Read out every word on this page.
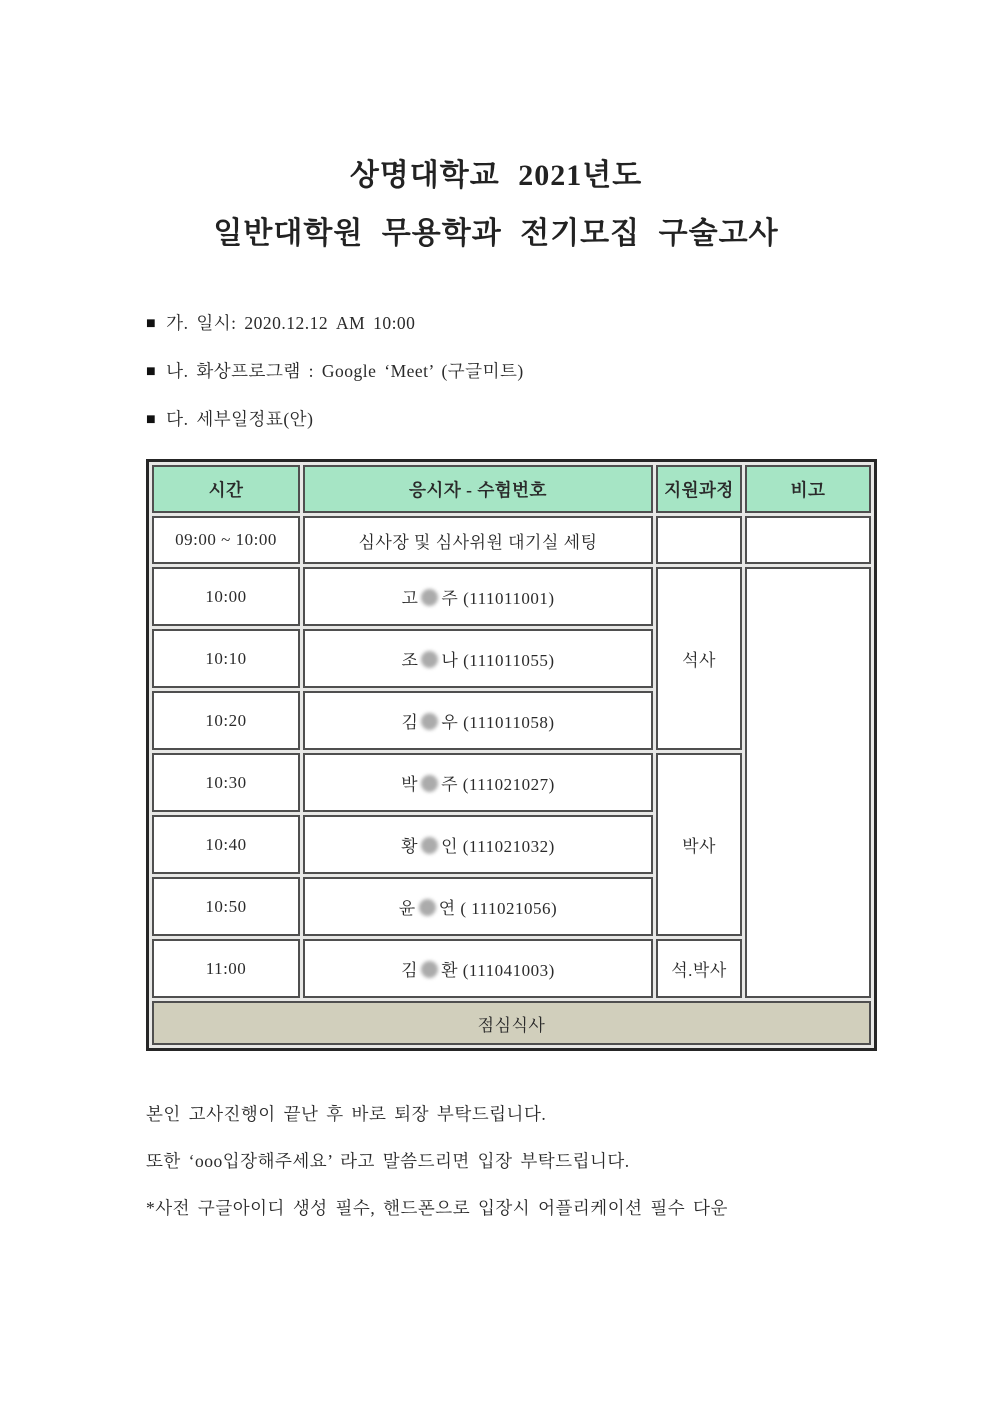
상명대학교 2021년도
일반대학원 무용학과 전기모집 구술고사
■ 가. 일시: 2020.12.12 AM 10:00
■ 나. 화상프로그램 : Google ‘Meet’ (구글미트)
■ 다. 세부일정표(안)
시간	응시자 - 수험번호	지원과정	비고
09:00 ~ 10:00	심사장 및 심사위원 대기실 세팅		
10:00	고 주 (111011001)	석사	
10:10	조 나 (111011055)		
10:20	김 우 (111011058)		
10:30	박 주 (111021027)	박사	
10:40	황 인 (111021032)		
10:50	윤 연 ( 111021056)		
11:00	김 환 (111041003)	석.박사	
점심식사			

본인 고사진행이 끝난 후 바로 퇴장 부탁드립니다.

또한 ‘ooo입장해주세요’ 라고 말씀드리면 입장 부탁드립니다.

*사전 구글아이디 생성 필수, 핸드폰으로 입장시 어플리케이션 필수 다운
